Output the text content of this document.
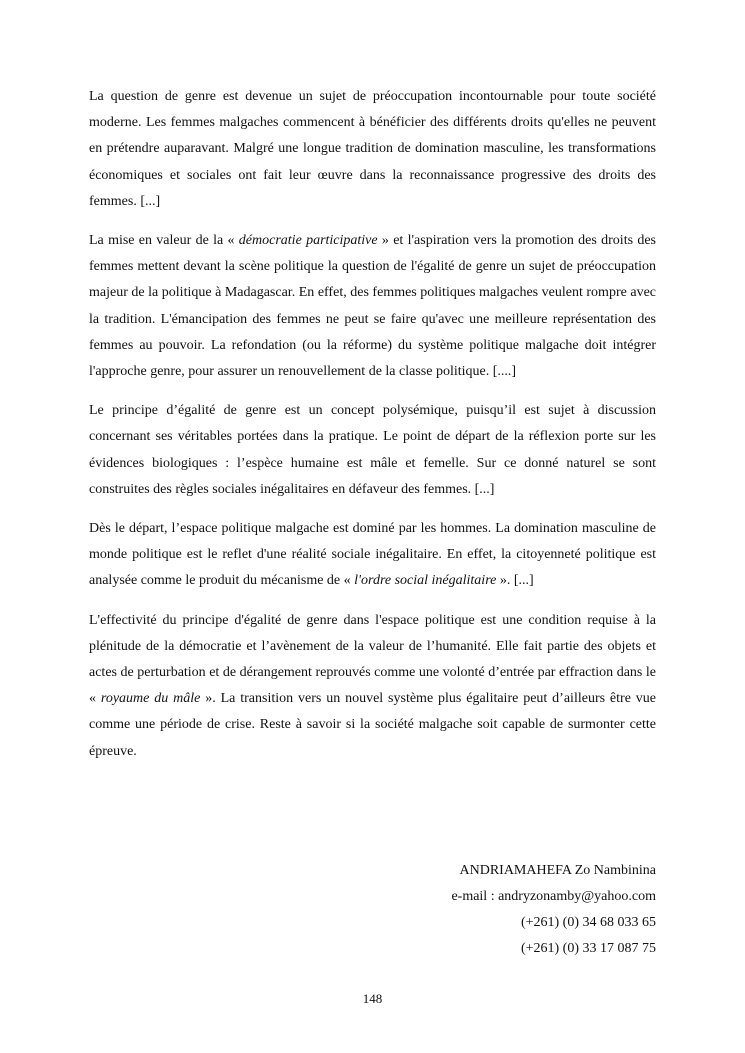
La question de genre est devenue un sujet de préoccupation incontournable pour toute société moderne. Les femmes malgaches commencent à bénéficier des différents droits qu'elles ne peuvent en prétendre auparavant. Malgré une longue tradition de domination masculine, les transformations économiques et sociales ont fait leur œuvre dans la reconnaissance progressive des droits des femmes. [...]

La mise en valeur de la « démocratie participative » et l'aspiration vers la promotion des droits des femmes mettent devant la scène politique la question de l'égalité de genre un sujet de préoccupation majeur de la politique à Madagascar. En effet, des femmes politiques malgaches veulent rompre avec la tradition. L'émancipation des femmes ne peut se faire qu'avec une meilleure représentation des femmes au pouvoir. La refondation (ou la réforme) du système politique malgache doit intégrer l'approche genre, pour assurer un renouvellement de la classe politique. [....]

Le principe d’égalité de genre est un concept polysémique, puisqu’il est sujet à discussion concernant ses véritables portées dans la pratique. Le point de départ de la réflexion porte sur les évidences biologiques : l’espèce humaine est mâle et femelle. Sur ce donné naturel se sont construites des règles sociales inégalitaires en défaveur des femmes. [...]

Dès le départ, l’espace politique malgache est dominé par les hommes. La domination masculine de monde politique est le reflet d'une réalité sociale inégalitaire. En effet, la citoyenneté politique est analysée comme le produit du mécanisme de « l'ordre social inégalitaire ». [...]

L'effectivité du principe d'égalité de genre dans l'espace politique est une condition requise à la plénitude de la démocratie et l’avènement de la valeur de l’humanité. Elle fait partie des objets et actes de perturbation et de dérangement reprouvés comme une volonté d’entrée par effraction dans le « royaume du mâle ». La transition vers un nouvel système plus égalitaire peut d’ailleurs être vue comme une période de crise. Reste à savoir si la société malgache soit capable de surmonter cette épreuve.

ANDRIAMAHEFA Zo Nambinina
e-mail : andryzonamby@yahoo.com
(+261) (0) 34 68 033 65
(+261) (0) 33 17 087 75
148
